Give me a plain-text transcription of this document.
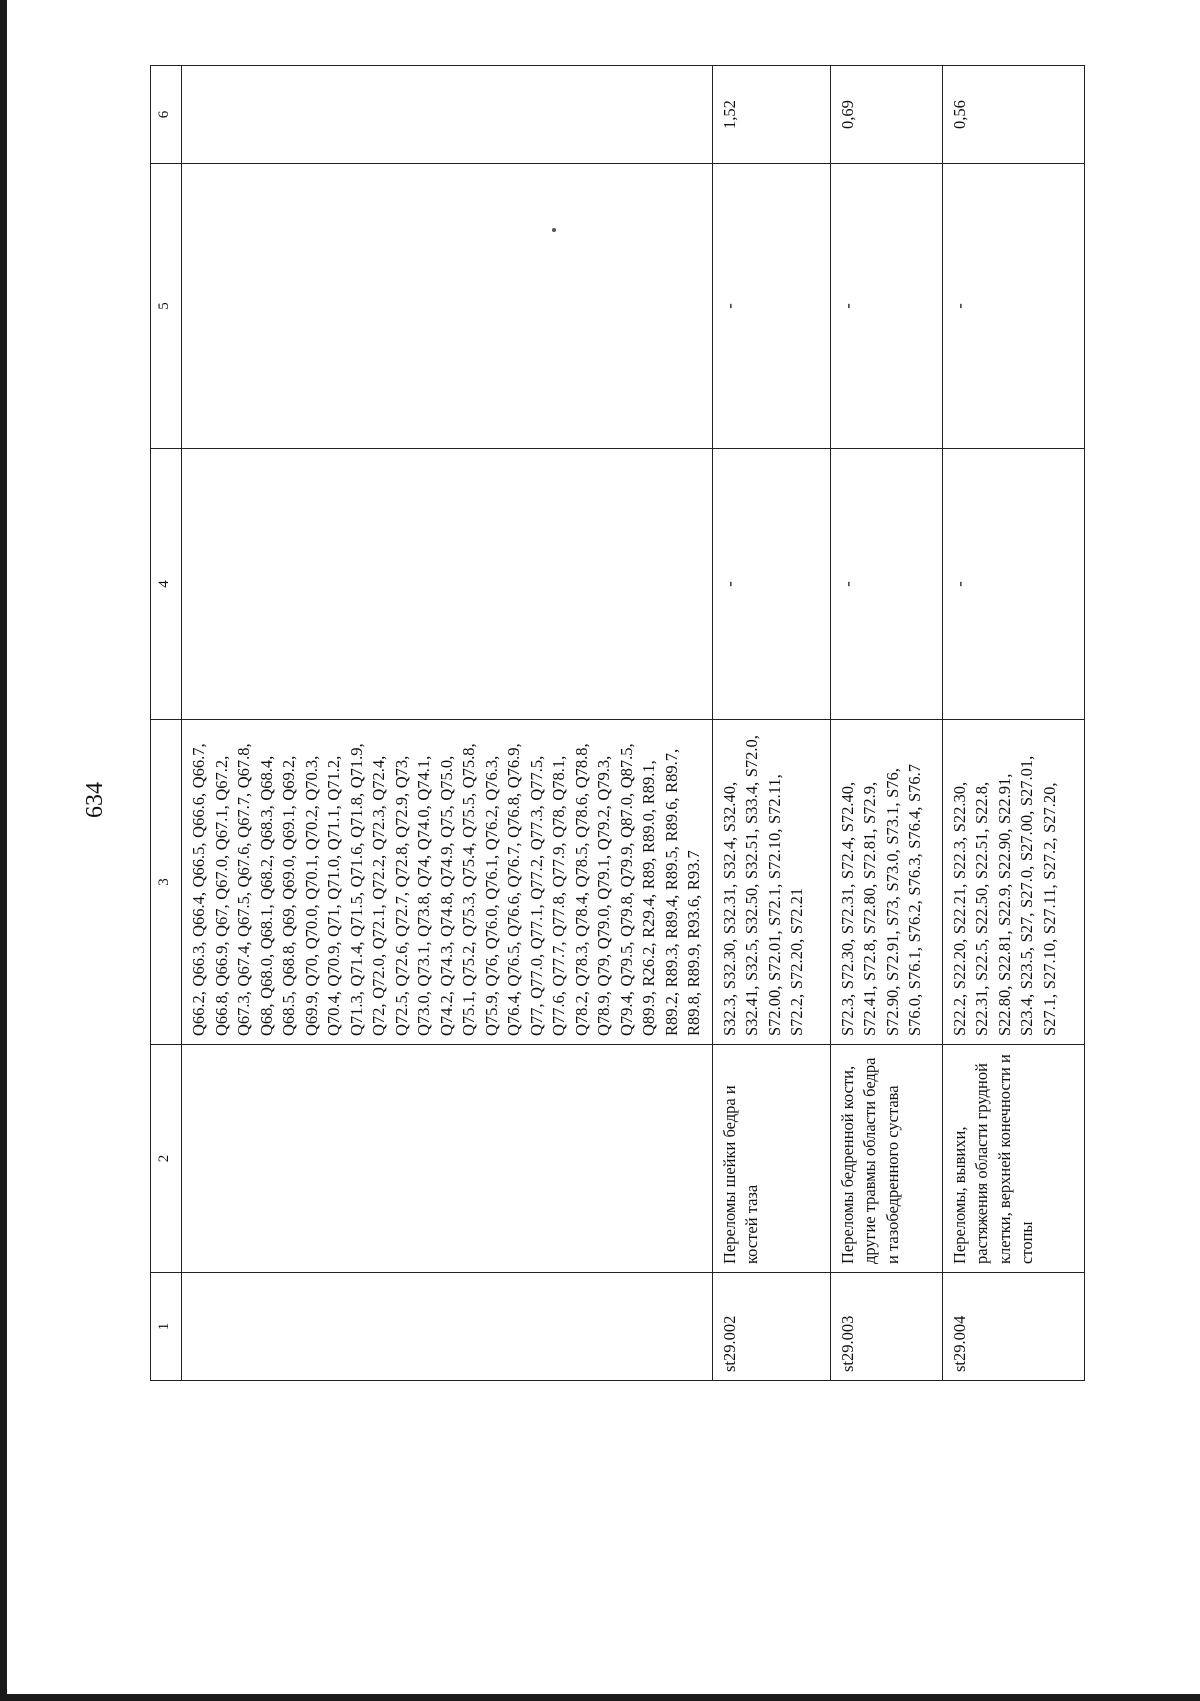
634
1	2	3	4	5	6
		Q66.2, Q66.3, Q66.4, Q66.5, Q66.6, Q66.7, Q66.8, Q66.9, Q67, Q67.0, Q67.1, Q67.2, Q67.3, Q67.4, Q67.5, Q67.6, Q67.7, Q67.8, Q68, Q68.0, Q68.1, Q68.2, Q68.3, Q68.4, Q68.5, Q68.8, Q69, Q69.0, Q69.1, Q69.2, Q69.9, Q70, Q70.0, Q70.1, Q70.2, Q70.3, Q70.4, Q70.9, Q71, Q71.0, Q71.1, Q71.2, Q71.3, Q71.4, Q71.5, Q71.6, Q71.8, Q71.9, Q72, Q72.0, Q72.1, Q72.2, Q72.3, Q72.4, Q72.5, Q72.6, Q72.7, Q72.8, Q72.9, Q73, Q73.0, Q73.1, Q73.8, Q74, Q74.0, Q74.1, Q74.2, Q74.3, Q74.8, Q74.9, Q75, Q75.0, Q75.1, Q75.2, Q75.3, Q75.4, Q75.5, Q75.8, Q75.9, Q76, Q76.0, Q76.1, Q76.2, Q76.3, Q76.4, Q76.5, Q76.6, Q76.7, Q76.8, Q76.9, Q77, Q77.0, Q77.1, Q77.2, Q77.3, Q77.5, Q77.6, Q77.7, Q77.8, Q77.9, Q78, Q78.1, Q78.2, Q78.3, Q78.4, Q78.5, Q78.6, Q78.8, Q78.9, Q79, Q79.0, Q79.1, Q79.2, Q79.3, Q79.4, Q79.5, Q79.8, Q79.9, Q87.0, Q87.5, Q89.9, R26.2, R29.4, R89, R89.0, R89.1, R89.2, R89.3, R89.4, R89.5, R89.6, R89.7, R89.8, R89.9, R93.6, R93.7			
st29.002	Переломы шейки бедра и костей таза	S32.3, S32.30, S32.31, S32.4, S32.40, S32.41, S32.5, S32.50, S32.51, S33.4, S72.0, S72.00, S72.01, S72.1, S72.10, S72.11, S72.2, S72.20, S72.21	-	-	1,52
st29.003	Переломы бедренной кости, другие травмы области бедра и тазобедренного сустава	S72.3, S72.30, S72.31, S72.4, S72.40, S72.41, S72.8, S72.80, S72.81, S72.9, S72.90, S72.91, S73, S73.0, S73.1, S76, S76.0, S76.1, S76.2, S76.3, S76.4, S76.7	-	-	0,69
st29.004	Переломы, вывихи, растяжения области грудной клетки, верхней конечности и стопы	S22.2, S22.20, S22.21, S22.3, S22.30, S22.31, S22.5, S22.50, S22.51, S22.8, S22.80, S22.81, S22.9, S22.90, S22.91, S23.4, S23.5, S27, S27.0, S27.00, S27.01, S27.1, S27.10, S27.11, S27.2, S27.20,	-	-	0,56
